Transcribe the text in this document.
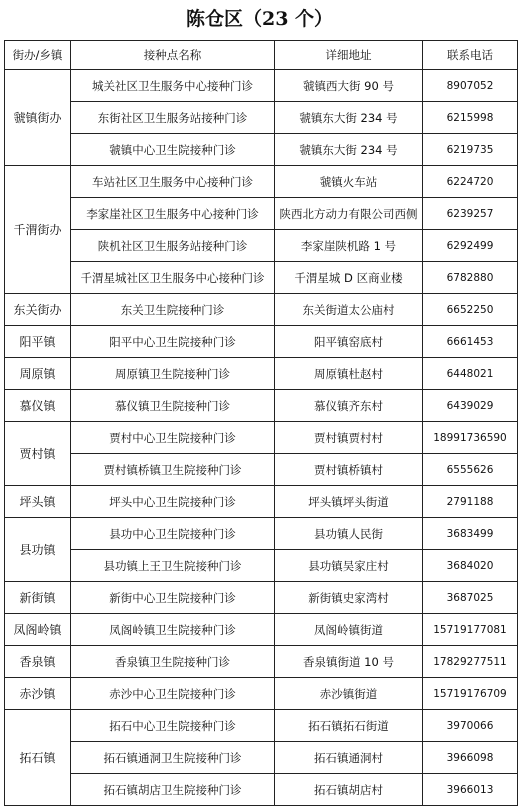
陈仓区（23 个）
街办/乡镇	接种点名称	详细地址	联系电话
虢镇街办	城关社区卫生服务中心接种门诊	虢镇西大街 90 号	8907052
	东街社区卫生服务站接种门诊	虢镇东大街 234 号	6215998
	虢镇中心卫生院接种门诊	虢镇东大街 234 号	6219735
千渭街办	车站社区卫生服务中心接种门诊	虢镇火车站	6224720
	李家崖社区卫生服务中心接种门诊	陕西北方动力有限公司西侧	6239257
	陕机社区卫生服务站接种门诊	李家崖陕机路 1 号	6292499
	千渭星城社区卫生服务中心接种门诊	千渭星城 D 区商业楼	6782880
东关街办	东关卫生院接种门诊	东关街道太公庙村	6652250
阳平镇	阳平中心卫生院接种门诊	阳平镇窑底村	6661453
周原镇	周原镇卫生院接种门诊	周原镇杜赵村	6448021
慕仪镇	慕仪镇卫生院接种门诊	慕仪镇齐东村	6439029
贾村镇	贾村中心卫生院接种门诊	贾村镇贾村村	18991736590
	贾村镇桥镇卫生院接种门诊	贾村镇桥镇村	6555626
坪头镇	坪头中心卫生院接种门诊	坪头镇坪头街道	2791188
县功镇	县功中心卫生院接种门诊	县功镇人民街	3683499
	县功镇上王卫生院接种门诊	县功镇吴家庄村	3684020
新街镇	新街中心卫生院接种门诊	新街镇史家湾村	3687025
凤阁岭镇	凤阁岭镇卫生院接种门诊	凤阁岭镇街道	15719177081
香泉镇	香泉镇卫生院接种门诊	香泉镇街道 10 号	17829277511
赤沙镇	赤沙中心卫生院接种门诊	赤沙镇街道	15719176709
拓石镇	拓石中心卫生院接种门诊	拓石镇拓石街道	3970066
	拓石镇通洞卫生院接种门诊	拓石镇通洞村	3966098
	拓石镇胡店卫生院接种门诊	拓石镇胡店村	3966013
